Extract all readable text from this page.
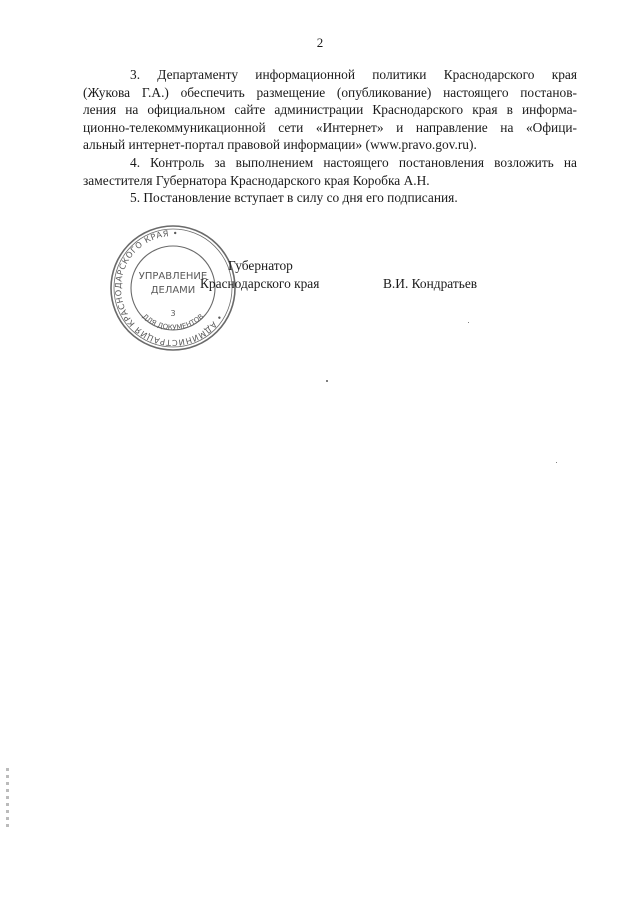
2

3. Департаменту информационной политики Краснодарского края
(Жукова Г.А.) обеспечить размещение (опубликование) настоящего постанов-
ления на официальном сайте администрации Краснодарского края в информа-
ционно-телекоммуникационной сети «Интернет» и направление на «Офици-
альный интернет-портал правовой информации» (www.pravo.gov.ru).

4. Контроль за выполнением настоящего постановления возложить на
заместителя Губернатора Краснодарского края Коробка А.Н.

5. Постановление вступает в силу со дня его подписания.

• АДМИНИСТРАЦИЯ КРАСНОДАРСКОГО КРАЯ •
ДЛЯ ДОКУМЕНТОВ
УПРАВЛЕНИЕ
ДЕЛАМИ
3
Губернатор
Краснодарского края	В.И. Кондратьев
